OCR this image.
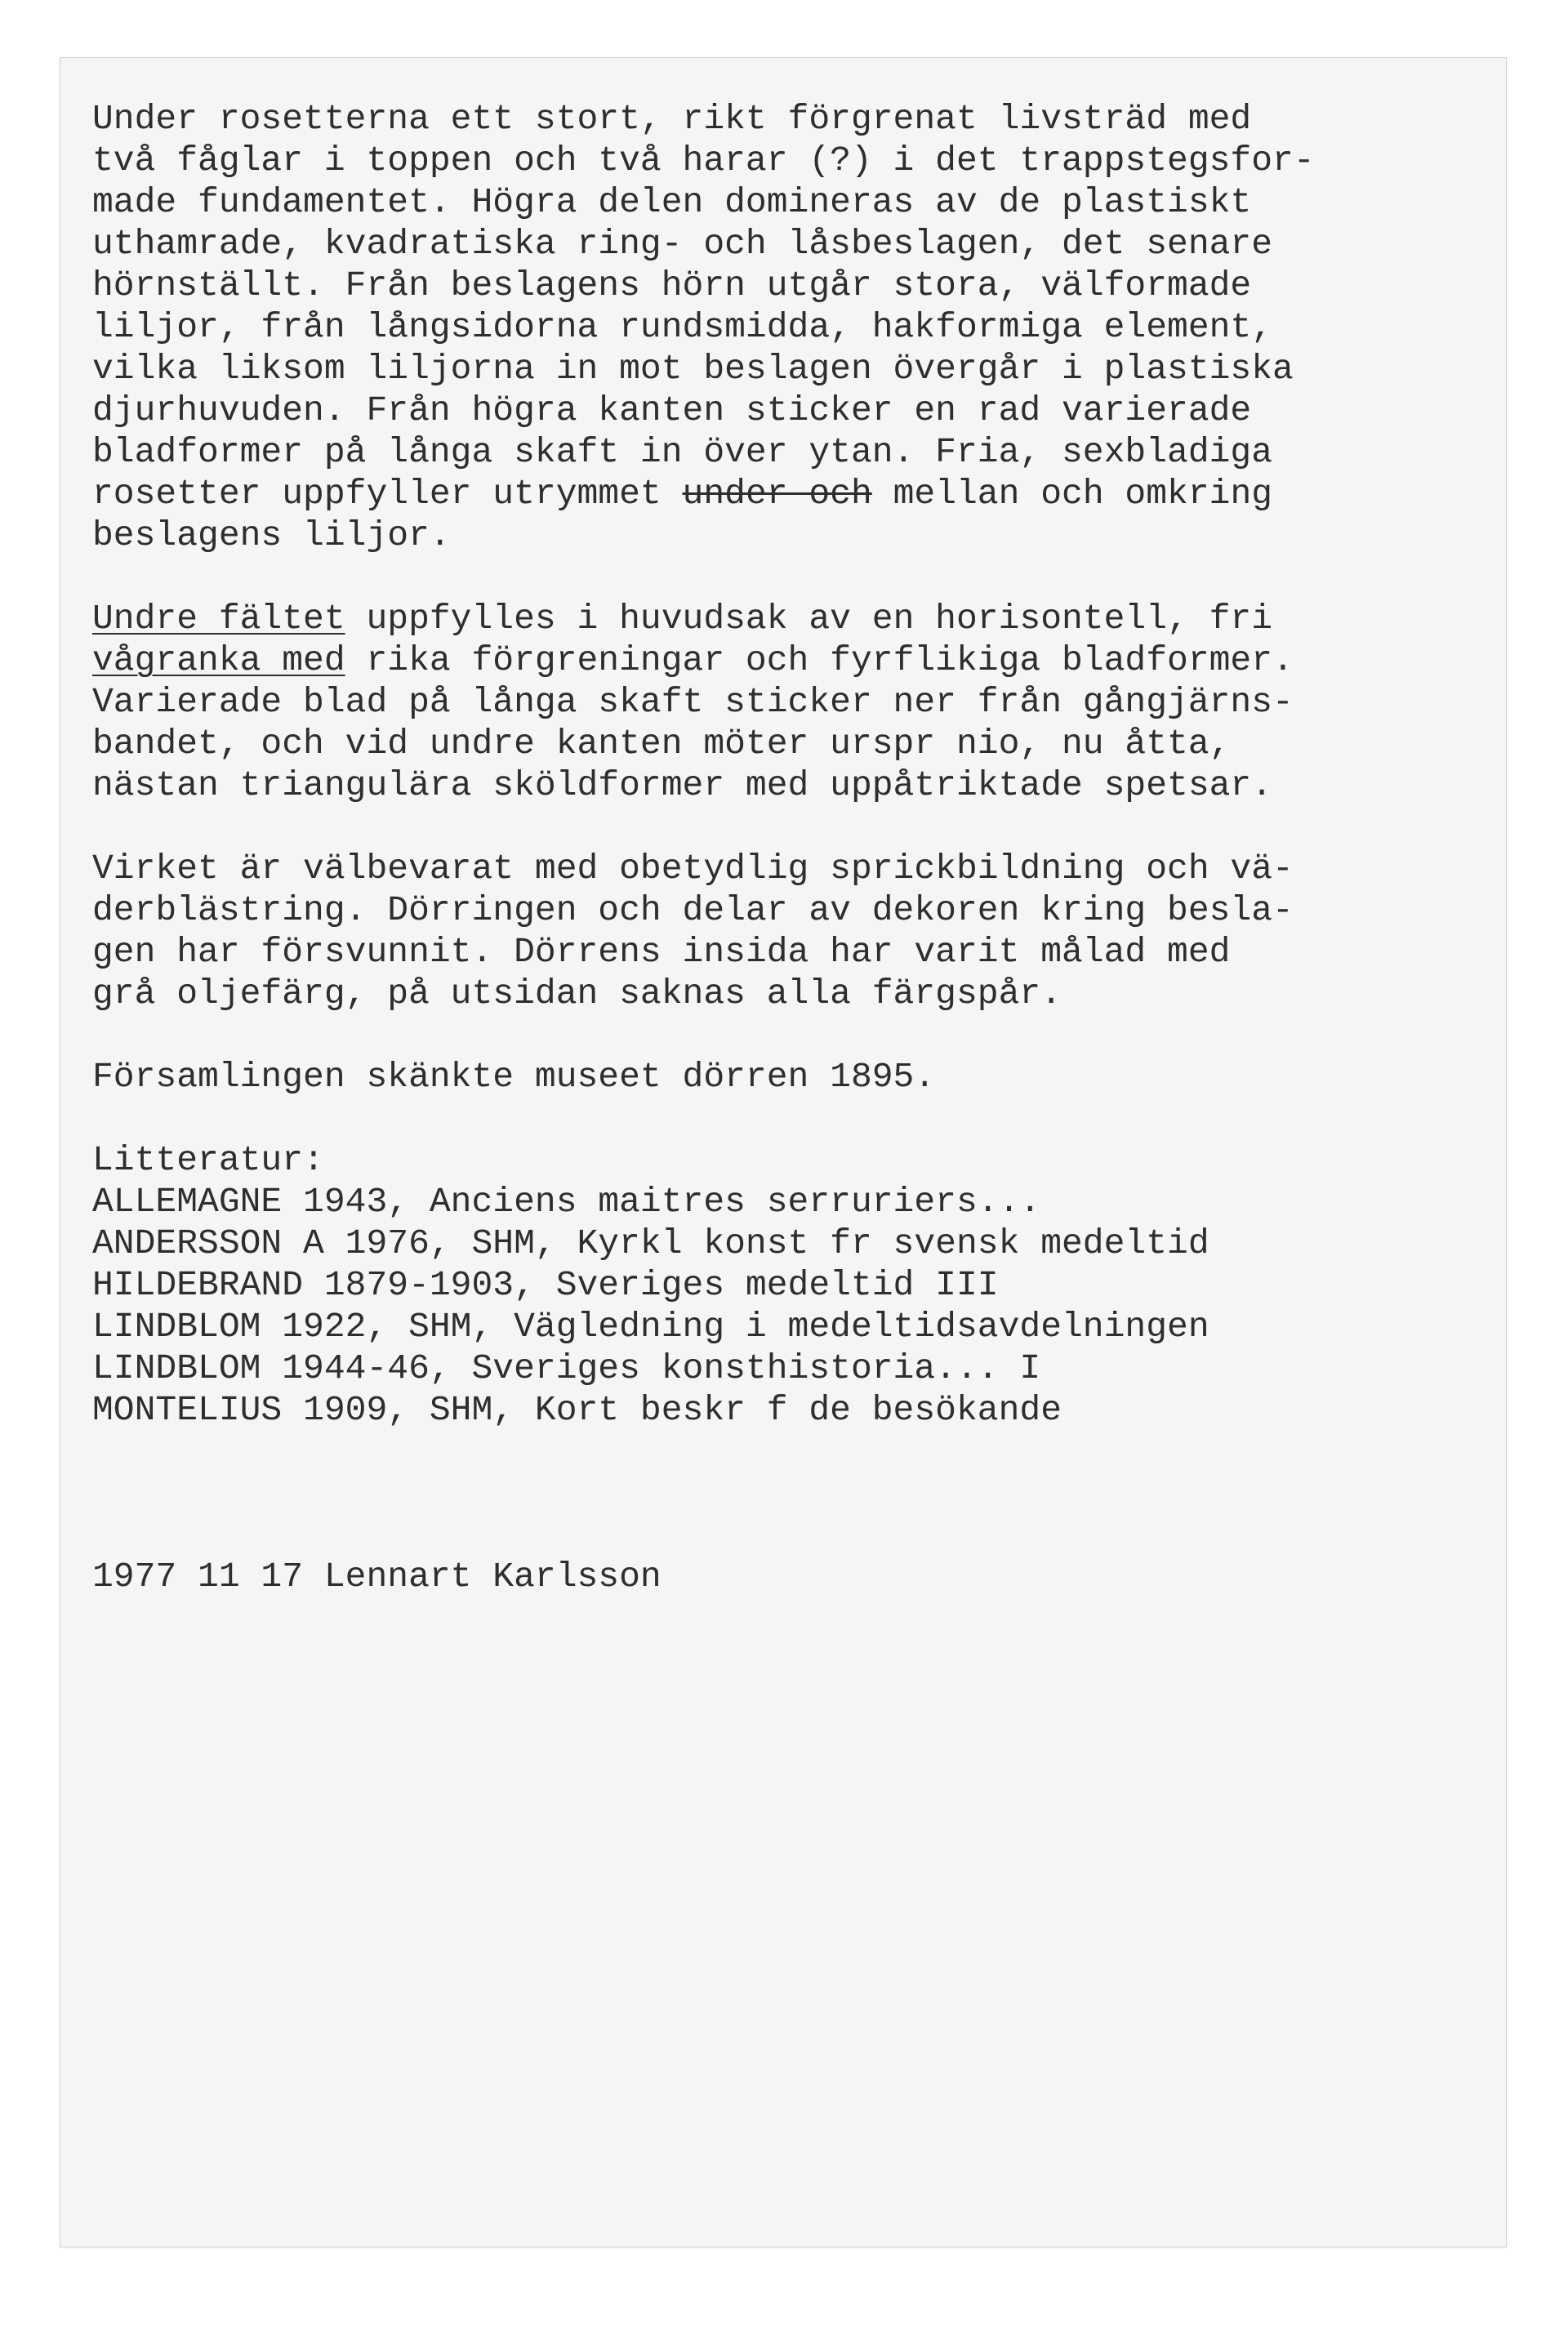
Under rosetterna ett stort, rikt förgrenat livsträd med
två fåglar i toppen och två harar (?) i det trappstegsfor-
made fundamentet. Högra delen domineras av de plastiskt
uthamrade, kvadratiska ring- och låsbeslagen, det senare
hörnställt. Från beslagens hörn utgår stora, välformade
liljor, från långsidorna rundsmidda, hakformiga element,
vilka liksom liljorna in mot beslagen övergår i plastiska
djurhuvuden. Från högra kanten sticker en rad varierade
bladformer på långa skaft in över ytan. Fria, sexbladiga
rosetter uppfyller utrymmet under och mellan och omkring
beslagens liljor.
Undre fältet uppfylles i huvudsak av en horisontell, fri
vågranka med rika förgreningar och fyrflikiga bladformer.
Varierade blad på långa skaft sticker ner från gångjärns-
bandet, och vid undre kanten möter urspr nio, nu åtta,
nästan triangulära sköldformer med uppåtriktade spetsar.
Virket är välbevarat med obetydlig sprickbildning och vä-
derblästring. Dörringen och delar av dekoren kring besla-
gen har försvunnit. Dörrens insida har varit målad med
grå oljefärg, på utsidan saknas alla färgspår.
Församlingen skänkte museet dörren 1895.
Litteratur:
ALLEMAGNE 1943, Anciens maitres serruriers...
ANDERSSON A 1976, SHM, Kyrkl konst fr svensk medeltid
HILDEBRAND 1879-1903, Sveriges medeltid III
LINDBLOM 1922, SHM, Vägledning i medeltidsavdelningen
LINDBLOM 1944-46, Sveriges konsthistoria... I
MONTELIUS 1909, SHM, Kort beskr f de besökande
1977 11 17 Lennart Karlsson
